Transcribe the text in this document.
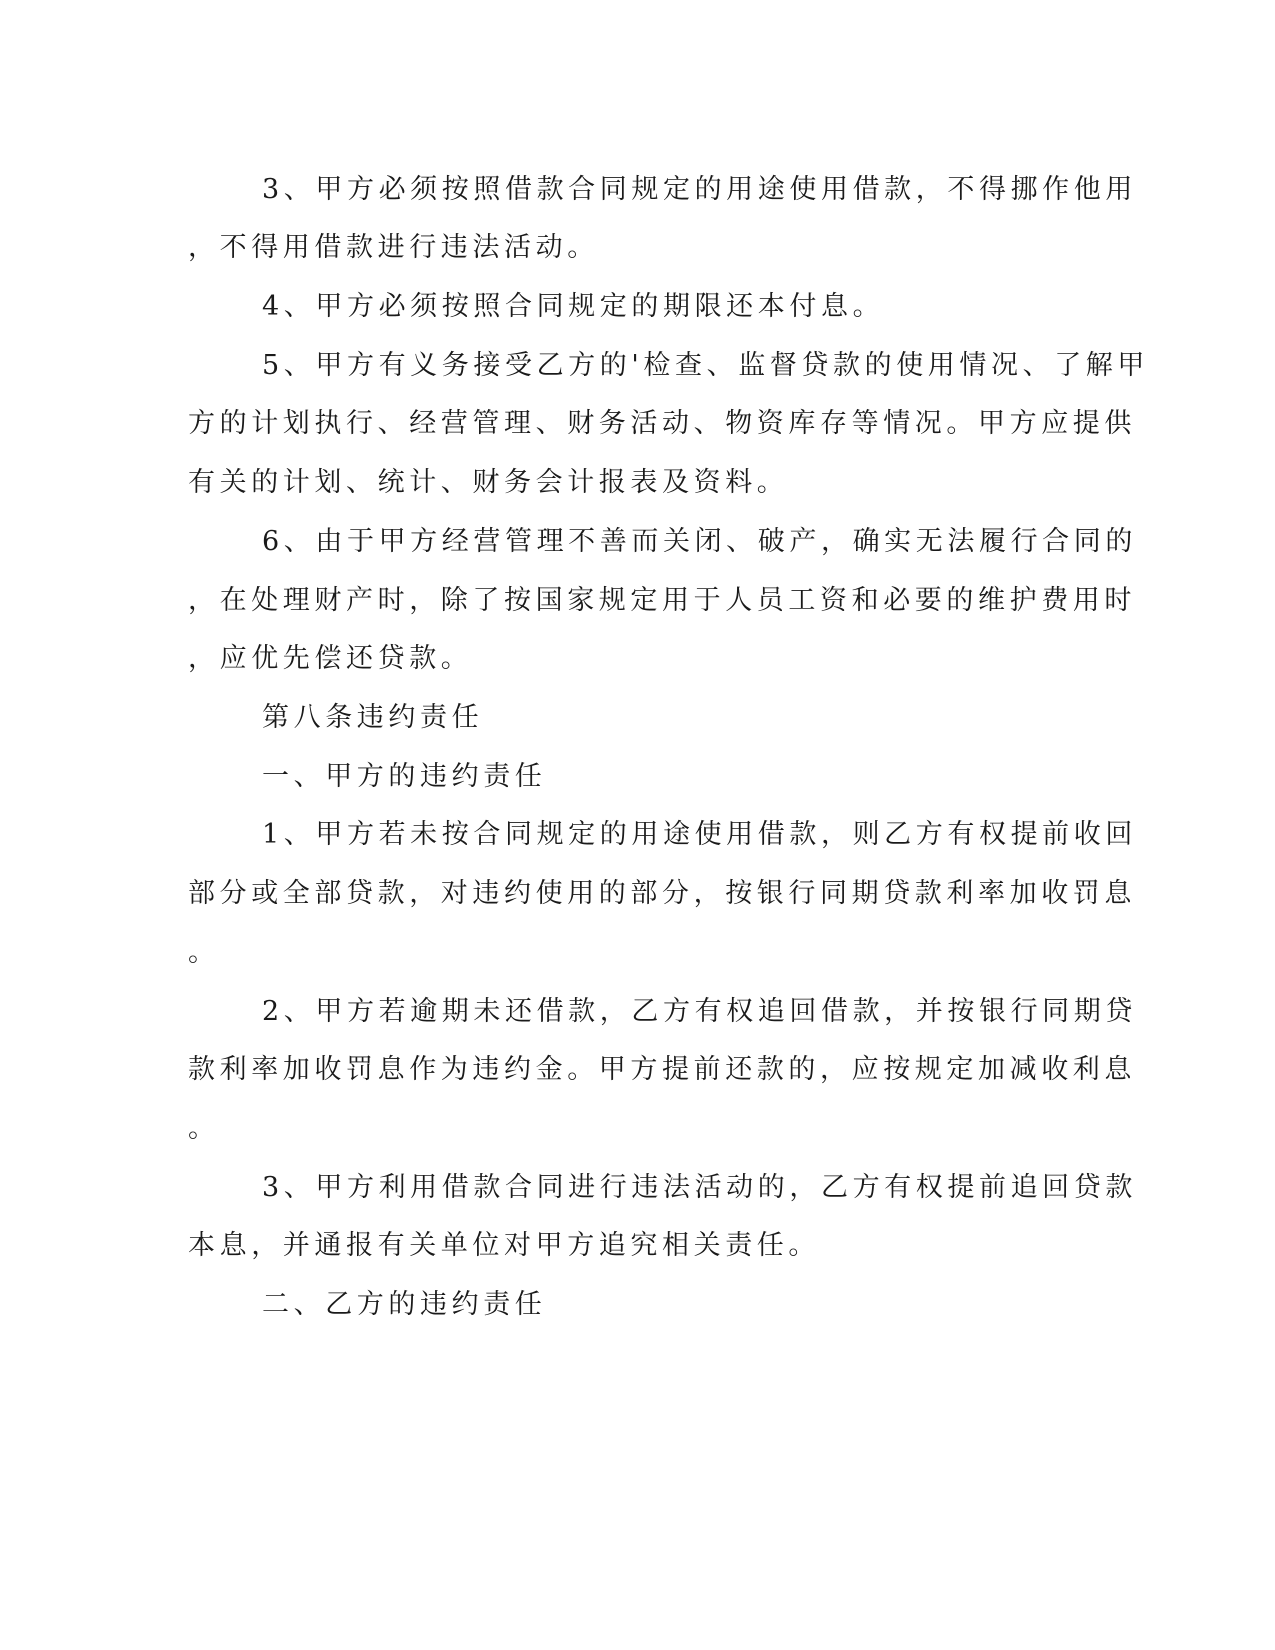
3、甲方必须按照借款合同规定的用途使用借款，不得挪作他用
，不得用借款进行违法活动。
4、甲方必须按照合同规定的期限还本付息。
5、甲方有义务接受乙方的'检查、监督贷款的使用情况、了解甲
方的计划执行、经营管理、财务活动、物资库存等情况。甲方应提供
有关的计划、统计、财务会计报表及资料。
6、由于甲方经营管理不善而关闭、破产，确实无法履行合同的
，在处理财产时，除了按国家规定用于人员工资和必要的维护费用时
，应优先偿还贷款。
第八条违约责任
一、甲方的违约责任
1、甲方若未按合同规定的用途使用借款，则乙方有权提前收回
部分或全部贷款，对违约使用的部分，按银行同期贷款利率加收罚息
。
2、甲方若逾期未还借款，乙方有权追回借款，并按银行同期贷
款利率加收罚息作为违约金。甲方提前还款的，应按规定加减收利息
。
3、甲方利用借款合同进行违法活动的，乙方有权提前追回贷款
本息，并通报有关单位对甲方追究相关责任。
二、乙方的违约责任
